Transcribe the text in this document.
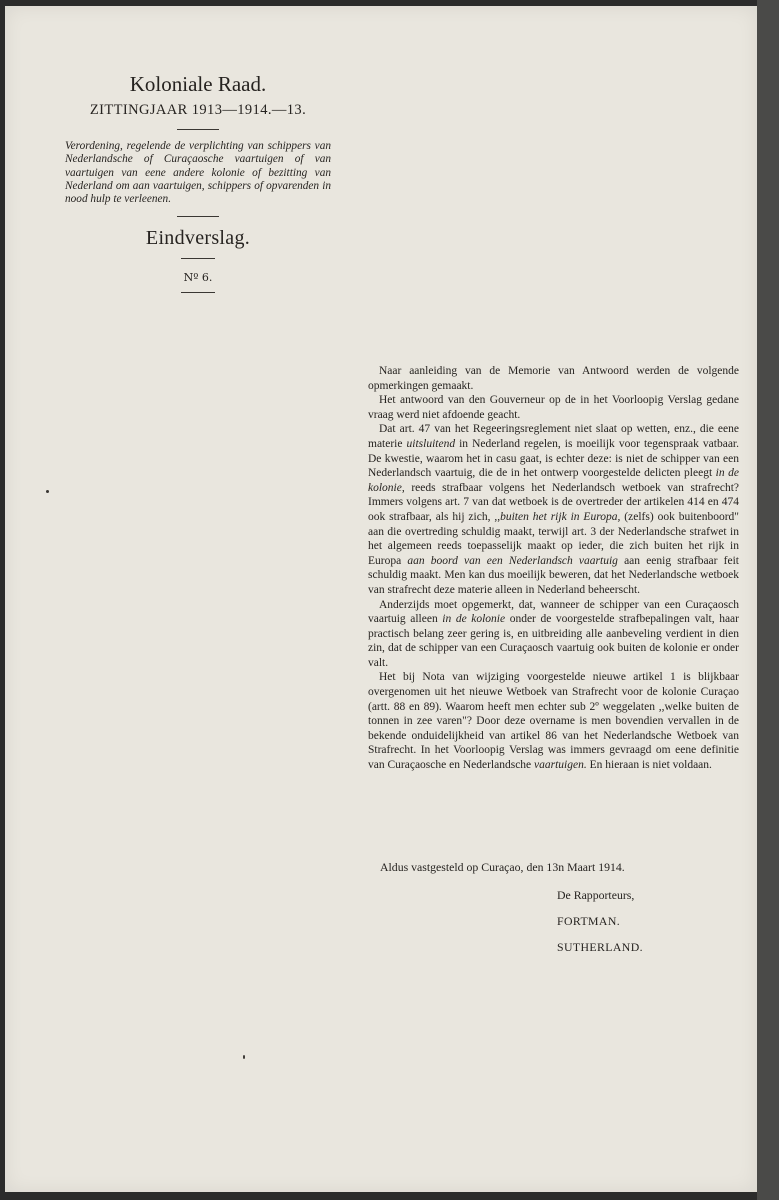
Koloniale Raad.
ZITTINGJAAR 1913—1914.—13.

Verordening, regelende de verplichting van schippers van Nederlandsche of Curaçaosche vaartuigen of van vaartuigen van eene andere kolonie of bezitting van Nederland om aan vaartuigen, schippers of opvarenden in nood hulp te verleenen.

Eindverslag.
Nº 6.

Naar aanleiding van de Memorie van Antwoord werden de volgende opmerkingen gemaakt.

Het antwoord van den Gouverneur op de in het Voorloopig Verslag gedane vraag werd niet afdoende geacht.

Dat art. 47 van het Regeeringsreglement niet slaat op wetten, enz., die eene materie uitsluitend in Nederland regelen, is moeilijk voor tegenspraak vatbaar. De kwestie, waarom het in casu gaat, is echter deze: is niet de schipper van een Nederlandsch vaartuig, die de in het ontwerp voorgestelde delicten pleegt in de kolonie, reeds strafbaar volgens het Nederlandsch wetboek van strafrecht? Immers volgens art. 7 van dat wetboek is de overtreder der artikelen 414 en 474 ook strafbaar, als hij zich, ,,buiten het rijk in Europa, (zelfs) ook buitenboord" aan die overtreding schuldig maakt, terwijl art. 3 der Nederlandsche strafwet in het algemeen reeds toepasselijk maakt op ieder, die zich buiten het rijk in Europa aan boord van een Nederlandsch vaartuig aan eenig strafbaar feit schuldig maakt. Men kan dus moeilijk beweren, dat het Nederlandsche wetboek van strafrecht deze materie alleen in Nederland beheerscht.

Anderzijds moet opgemerkt, dat, wanneer de schipper van een Curaçaosch vaartuig alleen in de kolonie onder de voorgestelde strafbepalingen valt, haar practisch belang zeer gering is, en uitbreiding alle aanbeveling verdient in dien zin, dat de schipper van een Curaçaosch vaartuig ook buiten de kolonie er onder valt.

Het bij Nota van wijziging voorgestelde nieuwe artikel 1 is blijkbaar overgenomen uit het nieuwe Wetboek van Strafrecht voor de kolonie Curaçao (artt. 88 en 89). Waarom heeft men echter sub 2º weggelaten ,,welke buiten de tonnen in zee varen"? Door deze overname is men bovendien vervallen in de bekende onduidelijkheid van artikel 86 van het Nederlandsche Wetboek van Strafrecht. In het Voorloopig Verslag was immers gevraagd om eene definitie van Curaçaosche en Nederlandsche vaartuigen. En hieraan is niet voldaan.

Aldus vastgesteld op Curaçao, den 13n Maart 1914.
De Rapporteurs,
FORTMAN.
SUTHERLAND.
